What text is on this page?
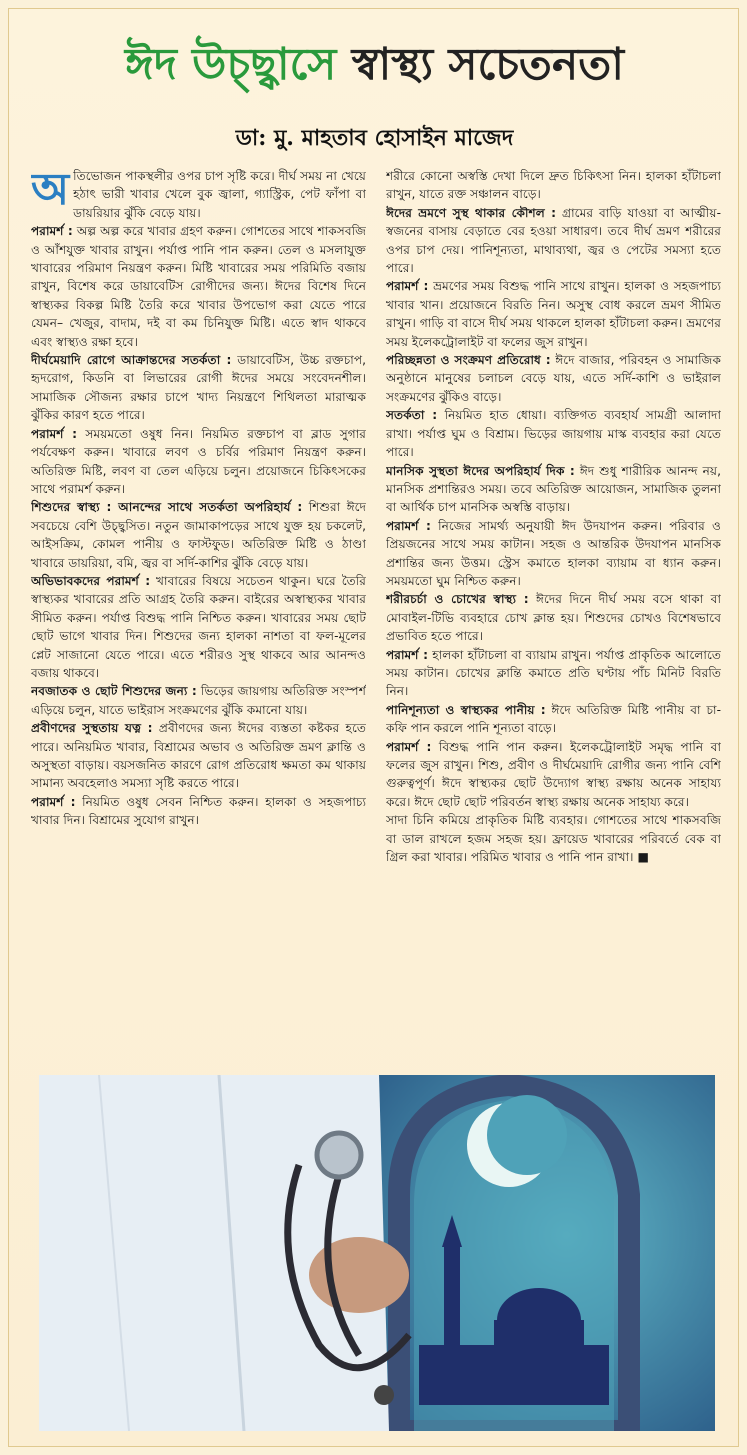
ঈদ উচ্ছ্বাসে স্বাস্থ্য সচেতনতা
ডা: মু. মাহতাব হোসাইন মাজেদ

অতিভোজন পাকস্থলীর ওপর চাপ সৃষ্টি করে। দীর্ঘ সময় না খেয়ে হঠাৎ ভারী খাবার খেলে বুক জ্বালা, গ্যাস্ট্রিক, পেট ফাঁপা বা ডায়রিয়ার ঝুঁকি বেড়ে যায়।

পরামর্শ : অল্প অল্প করে খাবার গ্রহণ করুন। গোশতের সাথে শাকসবজি ও আঁশযুক্ত খাবার রাখুন। পর্যাপ্ত পানি পান করুন। তেল ও মসলাযুক্ত খাবারের পরিমাণ নিয়ন্ত্রণ করুন। মিষ্টি খাবারের সময় পরিমিতি বজায় রাখুন, বিশেষ করে ডায়াবেটিস রোগীদের জন্য। ঈদের বিশেষ দিনে স্বাস্থ্যকর বিকল্প মিষ্টি তৈরি করে খাবার উপভোগ করা যেতে পারে যেমন– খেজুর, বাদাম, দই বা কম চিনিযুক্ত মিষ্টি। এতে স্বাদ থাকবে এবং স্বাস্থ্যও রক্ষা হবে।

দীর্ঘমেয়াদি রোগে আক্রান্তদের সতর্কতা : ডায়াবেটিস, উচ্চ রক্তচাপ, হৃদরোগ, কিডনি বা লিভারের রোগী ঈদের সময়ে সংবেদনশীল। সামাজিক সৌজন্য রক্ষার চাপে খাদ্য নিয়ন্ত্রণে শিথিলতা মারাত্মক ঝুঁকির কারণ হতে পারে।

পরামর্শ : সময়মতো ওষুধ নিন। নিয়মিত রক্তচাপ বা ব্লাড সুগার পর্যবেক্ষণ করুন। খাবারে লবণ ও চর্বির পরিমাণ নিয়ন্ত্রণ করুন। অতিরিক্ত মিষ্টি, লবণ বা তেল এড়িয়ে চলুন। প্রয়োজনে চিকিৎসকের সাথে পরামর্শ করুন।

শিশুদের স্বাস্থ্য : আনন্দের সাথে সতর্কতা অপরিহার্য : শিশুরা ঈদে সবচেয়ে বেশি উচ্ছ্বসিত। নতুন জামাকাপড়ের সাথে যুক্ত হয় চকলেট, আইসক্রিম, কোমল পানীয় ও ফাস্টফুড। অতিরিক্ত মিষ্টি ও ঠাণ্ডা খাবারে ডায়রিয়া, বমি, জ্বর বা সর্দি-কাশির ঝুঁকি বেড়ে যায়।

অভিভাবকদের পরামর্শ : খাবারের বিষয়ে সচেতন থাকুন। ঘরে তৈরি স্বাস্থ্যকর খাবারের প্রতি আগ্রহ তৈরি করুন। বাইরের অস্বাস্থ্যকর খাবার সীমিত করুন। পর্যাপ্ত বিশুদ্ধ পানি নিশ্চিত করুন। খাবারের সময় ছোট ছোট ভাগে খাবার দিন। শিশুদের জন্য হালকা নাশতা বা ফল-মূলের প্লেট সাজানো যেতে পারে। এতে শরীরও সুস্থ থাকবে আর আনন্দও বজায় থাকবে।

নবজাতক ও ছোট শিশুদের জন্য : ভিড়ের জায়গায় অতিরিক্ত সংস্পর্শ এড়িয়ে চলুন, যাতে ভাইরাস সংক্রমণের ঝুঁকি কমানো যায়।

প্রবীণদের সুস্থতায় যত্ন : প্রবীণদের জন্য ঈদের ব্যস্ততা কষ্টকর হতে পারে। অনিয়মিত খাবার, বিশ্রামের অভাব ও অতিরিক্ত ভ্রমণ ক্লান্তি ও অসুস্থতা বাড়ায়। বয়সজনিত কারণে রোগ প্রতিরোধ ক্ষমতা কম থাকায় সামান্য অবহেলাও সমস্যা সৃষ্টি করতে পারে।

পরামর্শ : নিয়মিত ওষুধ সেবন নিশ্চিত করুন। হালকা ও সহজপাচ্য খাবার দিন। বিশ্রামের সুযোগ রাখুন।

শরীরে কোনো অস্বস্তি দেখা দিলে দ্রুত চিকিৎসা নিন। হালকা হাঁটাচলা রাখুন, যাতে রক্ত সঞ্চালন বাড়ে।

ঈদের ভ্রমণে সুস্থ থাকার কৌশল : গ্রামের বাড়ি যাওয়া বা আত্মীয়-স্বজনের বাসায় বেড়াতে বের হওয়া সাধারণ। তবে দীর্ঘ ভ্রমণ শরীরের ওপর চাপ দেয়। পানিশূন্যতা, মাথাব্যথা, জ্বর ও পেটের সমস্যা হতে পারে।

পরামর্শ : ভ্রমণের সময় বিশুদ্ধ পানি সাথে রাখুন। হালকা ও সহজপাচ্য খাবার খান। প্রয়োজনে বিরতি নিন। অসুস্থ বোধ করলে ভ্রমণ সীমিত রাখুন। গাড়ি বা বাসে দীর্ঘ সময় থাকলে হালকা হাঁটাচলা করুন। ভ্রমণের সময় ইলেকট্রোলাইট বা ফলের জুস রাখুন।

পরিচ্ছন্নতা ও সংক্রমণ প্রতিরোধ : ঈদে বাজার, পরিবহন ও সামাজিক অনুষ্ঠানে মানুষের চলাচল বেড়ে যায়, এতে সর্দি-কাশি ও ভাইরাল সংক্রমণের ঝুঁকিও বাড়ে।

সতর্কতা : নিয়মিত হাত ধোয়া। ব্যক্তিগত ব্যবহার্য সামগ্রী আলাদা রাখা। পর্যাপ্ত ঘুম ও বিশ্রাম। ভিড়ের জায়গায় মাস্ক ব্যবহার করা যেতে পারে।

মানসিক সুস্থতা ঈদের অপরিহার্য দিক : ঈদ শুধু শারীরিক আনন্দ নয়, মানসিক প্রশান্তিরও সময়। তবে অতিরিক্ত আয়োজন, সামাজিক তুলনা বা আর্থিক চাপ মানসিক অস্বস্তি বাড়ায়।

পরামর্শ : নিজের সামর্থ্য অনুযায়ী ঈদ উদযাপন করুন। পরিবার ও প্রিয়জনের সাথে সময় কাটান। সহজ ও আন্তরিক উদযাপন মানসিক প্রশান্তির জন্য উত্তম। স্ট্রেস কমাতে হালকা ব্যায়াম বা ধ্যান করুন। সময়মতো ঘুম নিশ্চিত করুন।

শরীরচর্চা ও চোখের স্বাস্থ্য : ঈদের দিনে দীর্ঘ সময় বসে থাকা বা মোবাইল-টিভি ব্যবহারে চোখ ক্লান্ত হয়। শিশুদের চোখও বিশেষভাবে প্রভাবিত হতে পারে।

পরামর্শ : হালকা হাঁটাচলা বা ব্যায়াম রাখুন। পর্যাপ্ত প্রাকৃতিক আলোতে সময় কাটান। চোখের ক্লান্তি কমাতে প্রতি ঘণ্টায় পাঁচ মিনিট বিরতি নিন।

পানিশূন্যতা ও স্বাস্থ্যকর পানীয় : ঈদে অতিরিক্ত মিষ্টি পানীয় বা চা-কফি পান করলে পানি শূন্যতা বাড়ে।

পরামর্শ : বিশুদ্ধ পানি পান করুন। ইলেকট্রোলাইট সমৃদ্ধ পানি বা ফলের জুস রাখুন। শিশু, প্রবীণ ও দীর্ঘমেয়াদি রোগীর জন্য পানি বেশি গুরুত্বপূর্ণ। ঈদে স্বাস্থ্যকর ছোট উদ্যোগ স্বাস্থ্য রক্ষায় অনেক সাহায্য করে। ঈদে ছোট ছোট পরিবর্তন স্বাস্থ্য রক্ষায় অনেক সাহায্য করে।

সাদা চিনি কমিয়ে প্রাকৃতিক মিষ্টি ব্যবহার। গোশতের সাথে শাকসবজি বা ডাল রাখলে হজম সহজ হয়। ফ্রায়েড খাবারের পরিবর্তে বেক বা গ্রিল করা খাবার। পরিমিত খাবার ও পানি পান রাখা। ■
